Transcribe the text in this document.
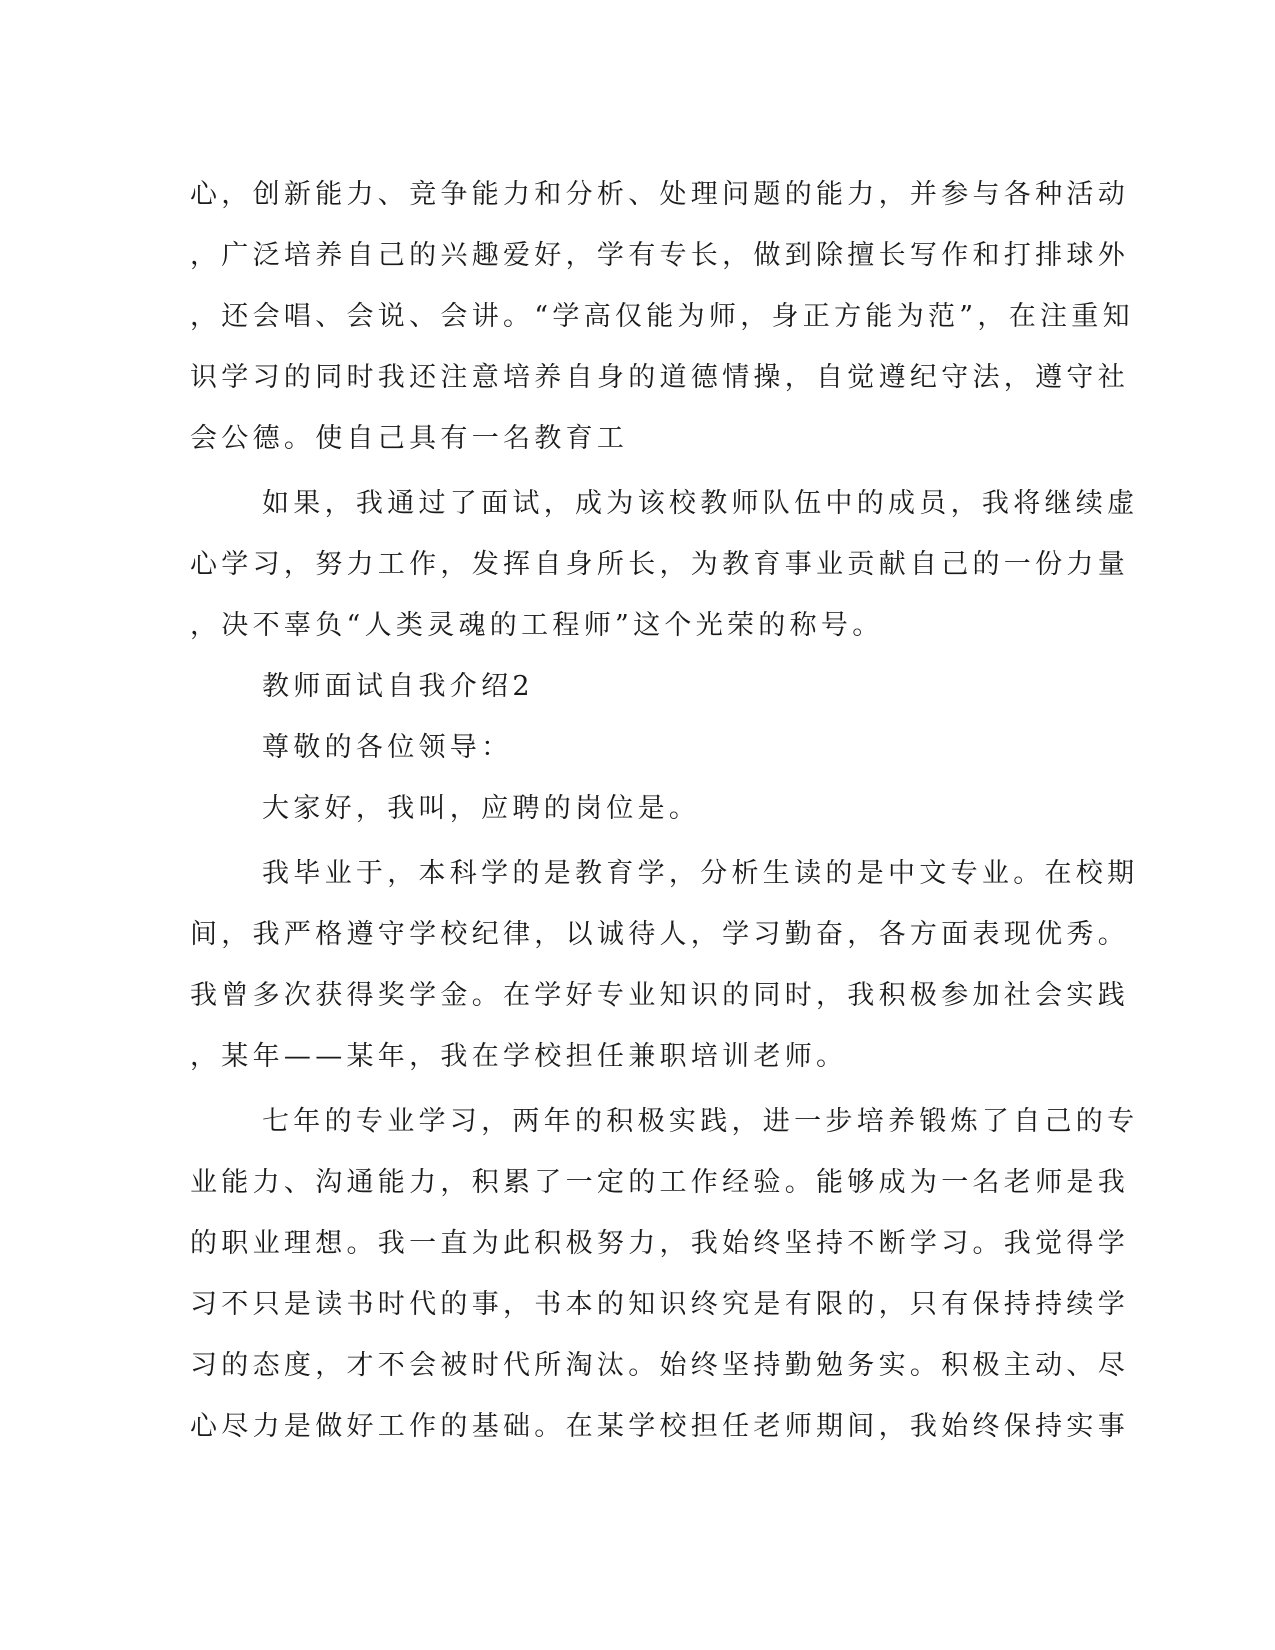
心，创新能力、竞争能力和分析、处理问题的能力，并参与各种活动
，广泛培养自己的兴趣爱好，学有专长，做到除擅长写作和打排球外
，还会唱、会说、会讲。“学高仅能为师，身正方能为范”，在注重知
识学习的同时我还注意培养自身的道德情操，自觉遵纪守法，遵守社
会公德。使自己具有一名教育工
如果，我通过了面试，成为该校教师队伍中的成员，我将继续虚
心学习，努力工作，发挥自身所长，为教育事业贡献自己的一份力量
，决不辜负“人类灵魂的工程师”这个光荣的称号。
教师面试自我介绍2
尊敬的各位领导：
大家好，我叫，应聘的岗位是。
我毕业于，本科学的是教育学，分析生读的是中文专业。在校期
间，我严格遵守学校纪律，以诚待人，学习勤奋，各方面表现优秀。
我曾多次获得奖学金。在学好专业知识的同时，我积极参加社会实践
，某年——某年，我在学校担任兼职培训老师。
七年的专业学习，两年的积极实践，进一步培养锻炼了自己的专
业能力、沟通能力，积累了一定的工作经验。能够成为一名老师是我
的职业理想。我一直为此积极努力，我始终坚持不断学习。我觉得学
习不只是读书时代的事，书本的知识终究是有限的，只有保持持续学
习的态度，才不会被时代所淘汰。始终坚持勤勉务实。积极主动、尽
心尽力是做好工作的基础。在某学校担任老师期间，我始终保持实事
